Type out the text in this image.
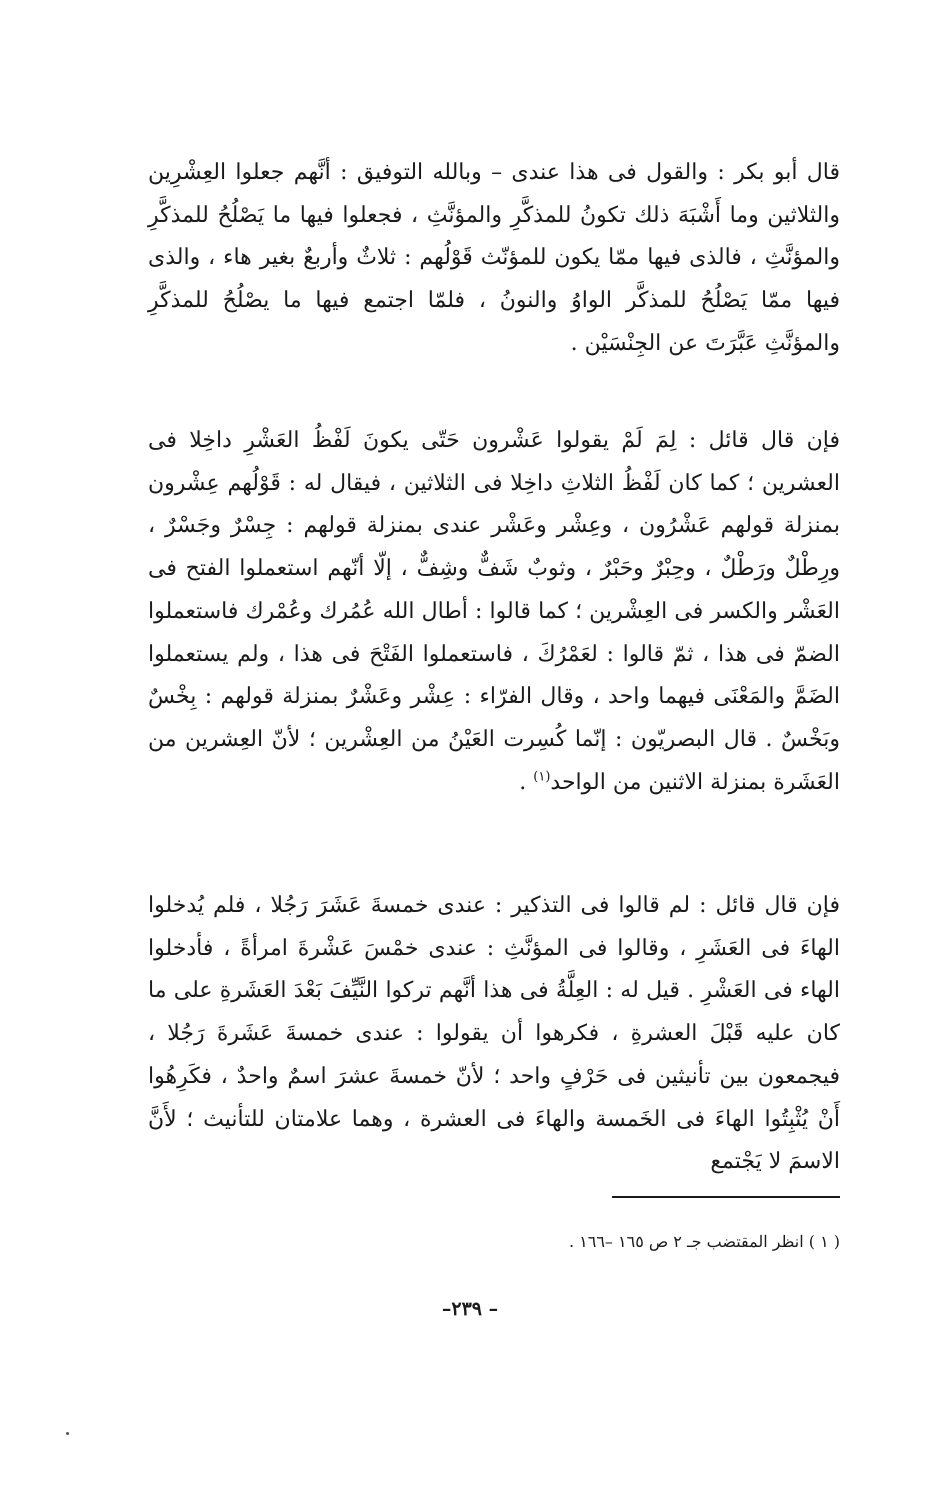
قال أبو بكر : والقول فى هذا عندى – وبالله التوفيق : أنَّهم جعلوا العِشْرِين والثلاثين وما أَشْبَهَ ذلك تكونُ للمذكَّرِ والمؤنَّثِ ، فجعلوا فيها ما يَصْلُحُ للمذكَّرِ والمؤنَّثِ ، فالذى فيها ممّا يكون للمؤنّث قَوْلُهم : ثلاثٌ وأربعٌ بغير هاء ، والذى فيها ممّا يَصْلُحُ للمذكَّر الواوُ والنونُ ، فلمّا اجتمع فيها ما يصْلُحُ للمذكَّرِ والمؤنَّثِ عَبَّرَتَ عن الجِنْسَيْن .

فإن قال قائل : لِمَ لَمْ يقولوا عَشْرون حَتّى يكونَ لَفْظُ العَشْرِ داخِلا فى العشرين ؛ كما كان لَفْظُ الثلاثِ داخِلا فى الثلاثين ، فيقال له : قَوْلُهم عِشْرون بمنزلة قولهم عَشْرُون ، وعِشْر وعَشْر عندى بمنزلة قولهم : جِسْرٌ وجَسْرٌ ، ورِطْلٌ ورَطْلٌ ، وحِبْرٌ وحَبْرٌ ، وثوبٌ شَفٌّ وشِفٌّ ، إلّا أنّهم استعملوا الفتح فى العَشْر والكسر فى العِشْرين ؛ كما قالوا : أطال الله عُمُرك وعُمْرك فاستعملوا الضمّ فى هذا ، ثمّ قالوا : لعَمْرُكَ ، فاستعملوا الفَتْحَ فى هذا ، ولم يستعملوا الضَمَّ والمَعْنَى فيهما واحد ، وقال الفرّاء : عِشْر وعَشْرٌ بمنزلة قولهم : بِخْسٌ وبَخْسٌ . قال البصريّون : إنّما كُسِرت العَيْنُ من العِشْرين ؛ لأنّ العِشرين من العَشَرة بمنزلة الاثنين من الواحد$^{(١)}$ .

فإن قال قائل : لم قالوا فى التذكير : عندى خمسةَ عَشَرَ رَجُلا ، فلم يُدخلوا الهاءَ فى العَشَرِ ، وقالوا فى المؤنَّثِ : عندى خمْسَ عَشْرةَ امرأةً ، فأدخلوا الهاء فى العَشْرِ . قيل له : العِلَّةُ فى هذا أنَّهم تركوا النَّيِّفَ بَعْدَ العَشَرةِ على ما كان عليه قَبْلَ العشرةِ ، فكرهوا أن يقولوا : عندى خمسةَ عَشَرةَ رَجُلا ، فيجمعون بين تأنيثين فى حَرْفٍ واحد ؛ لأنّ خمسةَ عشرَ اسمٌ واحدٌ ، فكَرِهُوا أَنْ يُثْبِتُوا الهاءَ فى الخَمسة والهاءَ فى العشرة ، وهما علامتان للتأنيث ؛ لأَنَّ الاسمَ لا يَجْتمع

( ١ ) انظر المقتضب جـ ٢ ص ١٦٥ –١٦٦ .

–٢٣٩ –
